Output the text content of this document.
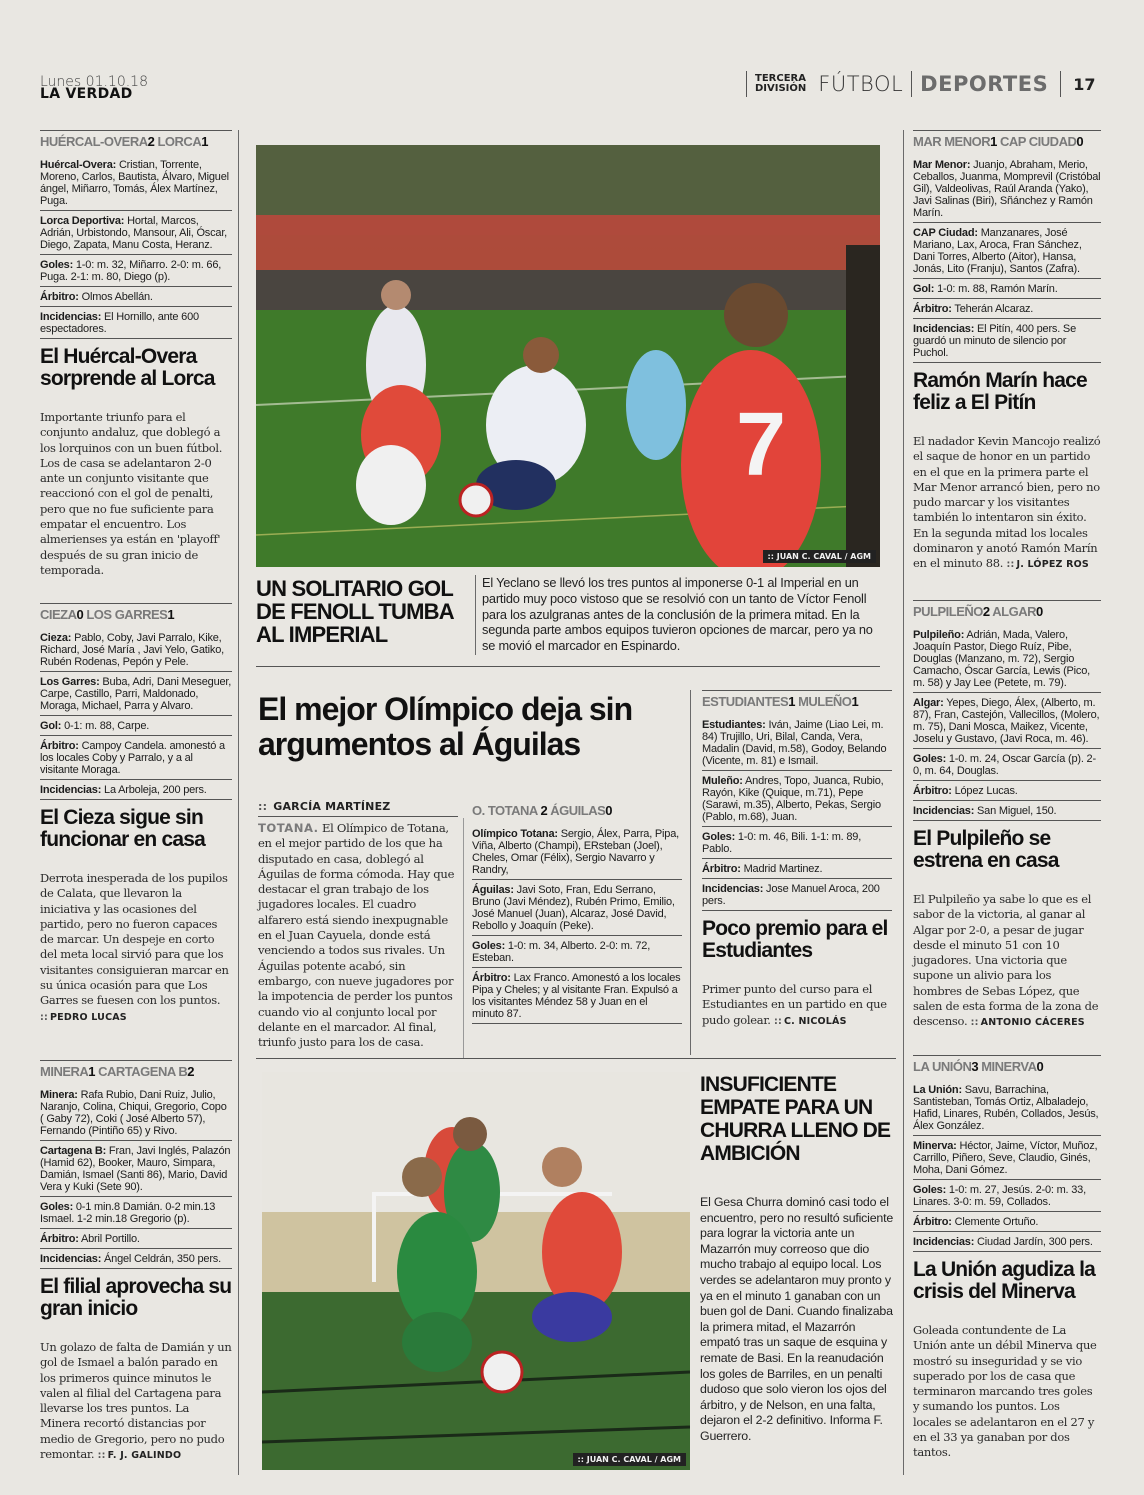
Lunes 01.10.18
LA VERDAD
TERCERA
DIVISIÓN FÚTBOL DEPORTES 17
HUÉRCAL-OVERA2 LORCA1
Huércal-Overa: Cristian, Torrente, Moreno, Carlos, Bautista, Álvaro, Miguel ángel, Miñarro, Tomás, Álex Martínez, Puga.
Lorca Deportiva: Hortal, Marcos, Adrián, Urbistondo, Mansour, Ali, Óscar, Diego, Zapata, Manu Costa, Heranz.
Goles: 1-0: m. 32, Miñarro. 2-0: m. 66, Puga. 2-1: m. 80, Diego (p).
Árbitro: Olmos Abellán.
Incidencias: El Hornillo, ante 600 espectadores.
El Huércal-Overa sorprende al Lorca
Importante triunfo para el conjunto andaluz, que doblegó a los lorquinos con un buen fútbol. Los de casa se adelantaron 2-0 ante un conjunto visitante que reaccionó con el gol de penalti, pero que no fue suficiente para empatar el encuentro. Los almerienses ya están en 'playoff' después de su gran inicio de temporada.
CIEZA0 LOS GARRES1
Cieza: Pablo, Coby, Javi Parralo, Kike, Richard, José María , Javi Yelo, Gatiko, Rubén Rodenas, Pepón y Pele.
Los Garres: Buba, Adri, Dani Meseguer, Carpe, Castillo, Parri, Maldonado, Moraga, Michael, Parra y Alvaro.
Gol: 0-1: m. 88, Carpe.
Árbitro: Campoy Candela. amonestó a los locales Coby y Parralo, y a al visitante Moraga.
Incidencias: La Arboleja, 200 pers.
El Cieza sigue sin funcionar en casa
Derrota inesperada de los pupilos de Calata, que llevaron la iniciativa y las ocasiones del partido, pero no fueron capaces de marcar. Un despeje en corto del meta local sirvió para que los visitantes consiguieran marcar en su única ocasión para que Los Garres se fuesen con los puntos. :: PEDRO LUCAS
MINERA1 CARTAGENA B2
Minera: Rafa Rubio, Dani Ruiz, Julio, Naranjo, Colina, Chiqui, Gregorio, Copo ( Gaby 72), Coki ( José Alberto 57), Fernando (Pintiño 65) y Rivo.
Cartagena B: Fran, Javi Inglés, Palazón (Hamid 62), Booker, Mauro, Simpara, Damián, Ismael (Santi 86), Mario, David Vera y Kuki (Sete 90).
Goles: 0-1 min.8 Damián. 0-2 min.13 Ismael. 1-2 min.18 Gregorio (p).
Árbitro: Abril Portillo.
Incidencias: Ángel Celdrán, 350 pers.
El filial aprovecha su gran inicio
Un golazo de falta de Damián y un gol de Ismael a balón parado en los primeros quince minutos le valen al filial del Cartagena para llevarse los tres puntos. La Minera recortó distancias por medio de Gregorio, pero no pudo remontar. :: F. J. GALINDO
7
:: JUAN C. CAVAL / AGM
UN SOLITARIO GOL DE FENOLL TUMBA AL IMPERIAL
El Yeclano se llevó los tres puntos al imponerse 0-1 al Imperial en un partido muy poco vistoso que se resolvió con un tanto de Víctor Fenoll para los azulgranas antes de la conclusión de la primera mitad. En la segunda parte ambos equipos tuvieron opciones de marcar, pero ya no se movió el marcador en Espinardo.
El mejor Olímpico deja sin argumentos al Águilas
:: GARCÍA MARTÍNEZ
TOTANA. El Olímpico de Totana, en el mejor partido de los que ha disputado en casa, doblegó al Águilas de forma cómoda. Hay que destacar el gran trabajo de los jugadores locales. El cuadro alfarero está siendo inexpugnable en el Juan Cayuela, donde está venciendo a todos sus rivales. Un Águilas potente acabó, sin embargo, con nueve jugadores por la impotencia de perder los puntos cuando vio al conjunto local por delante en el marcador. Al final, triunfo justo para los de casa.
O. TOTANA 2 ÁGUILAS0
Olímpico Totana: Sergio, Álex, Parra, Pipa, Viña, Alberto (Champi), ERsteban (Joel), Cheles, Omar (Félix), Sergio Navarro y Randry,
Águilas: Javi Soto, Fran, Edu Serrano, Bruno (Javi Méndez), Rubén Primo, Emilio, José Manuel (Juan), Alcaraz, José David, Rebollo y Joaquín (Peke).
Goles: 1-0: m. 34, Alberto. 2-0: m. 72, Esteban.
Árbitro: Lax Franco. Amonestó a los locales Pipa y Cheles; y al visitante Fran. Expulsó a los visitantes Méndez 58 y Juan en el minuto 87.
ESTUDIANTES1 MULEÑO1
Estudiantes: Iván, Jaime (Liao Lei, m. 84) Trujillo, Uri, Bilal, Canda, Vera, Madalin (David, m.58), Godoy, Belando (Vicente, m. 81) e Ismail.
Muleño: Andres, Topo, Juanca, Rubio, Rayón, Kike (Quique, m.71), Pepe (Sarawi, m.35), Alberto, Pekas, Sergio (Pablo, m.68), Juan.
Goles: 1-0: m. 46, Bili. 1-1: m. 89, Pablo.
Árbitro: Madrid Martinez.
Incidencias: Jose Manuel Aroca, 200 pers.
Poco premio para el Estudiantes
Primer punto del curso para el Estudiantes en un partido en que pudo golear. :: C. NICOLÁS
:: JUAN C. CAVAL / AGM
INSUFICIENTE EMPATE PARA UN CHURRA LLENO DE AMBICIÓN
El Gesa Churra dominó casi todo el encuentro, pero no resultó suficiente para lograr la victoria ante un Mazarrón muy correoso que dio mucho trabajo al equipo local. Los verdes se adelantaron muy pronto y ya en el minuto 1 ganaban con un buen gol de Dani. Cuando finalizaba la primera mitad, el Mazarrón empató tras un saque de esquina y remate de Basi. En la reanudación los goles de Barriles, en un penalti dudoso que solo vieron los ojos del árbitro, y de Nelson, en una falta, dejaron el 2-2 definitivo. Informa F. Guerrero.
MAR MENOR1 CAP CIUDAD0
Mar Menor: Juanjo, Abraham, Merio, Ceballos, Juanma, Momprevil (Cristóbal Gil), Valdeolivas, Raúl Aranda (Yako), Javi Salinas (Biri), Sñánchez y Ramón Marín.
CAP Ciudad: Manzanares, José Mariano, Lax, Aroca, Fran Sánchez, Dani Torres, Alberto (Aitor), Hansa, Jonás, Lito (Franju), Santos (Zafra).
Gol: 1-0: m. 88, Ramón Marín.
Árbitro: Teherán Alcaraz.
Incidencias: El Pitín, 400 pers. Se guardó un minuto de silencio por Puchol.
Ramón Marín hace feliz a El Pitín
El nadador Kevin Mancojo realizó el saque de honor en un partido en el que en la primera parte el Mar Menor arrancó bien, pero no pudo marcar y los visitantes también lo intentaron sin éxito. En la segunda mitad los locales dominaron y anotó Ramón Marín en el minuto 88. :: J. LÓPEZ ROS
PULPILEÑO2 ALGAR0
Pulpileño: Adrián, Mada, Valero, Joaquín Pastor, Diego Ruíz, Pibe, Douglas (Manzano, m. 72), Sergio Camacho, Óscar García, Lewis (Pico, m. 58) y Jay Lee (Petete, m. 79).
Algar: Yepes, Diego, Álex, (Alberto, m. 87), Fran, Castejón, Vallecillos, (Molero, m. 75), Dani Mosca, Maikez, Vicente, Joselu y Gustavo, (Javi Roca, m. 46).
Goles: 1-0. m. 24, Oscar García (p). 2-0, m. 64, Douglas.
Árbitro: López Lucas.
Incidencias: San Miguel, 150.
El Pulpileño se estrena en casa
El Pulpileño ya sabe lo que es el sabor de la victoria, al ganar al Algar por 2-0, a pesar de jugar desde el minuto 51 con 10 jugadores. Una victoria que supone un alivio para los hombres de Sebas López, que salen de esta forma de la zona de descenso. :: ANTONIO CÁCERES
LA UNIÓN3 MINERVA0
La Unión: Savu, Barrachina, Santisteban, Tomás Ortiz, Albaladejo, Hafid, Linares, Rubén, Collados, Jesús, Álex González.
Minerva: Héctor, Jaime, Víctor, Muñoz, Carrillo, Piñero, Seve, Claudio, Ginés, Moha, Dani Gómez.
Goles: 1-0: m. 27, Jesús. 2-0: m. 33, Linares. 3-0: m. 59, Collados.
Árbitro: Clemente Ortuño.
Incidencias: Ciudad Jardín, 300 pers.
La Unión agudiza la crisis del Minerva
Goleada contundente de La Unión ante un débil Minerva que mostró su inseguridad y se vio superado por los de casa que terminaron marcando tres goles y sumando los puntos. Los locales se adelantaron en el 27 y en el 33 ya ganaban por dos tantos.
